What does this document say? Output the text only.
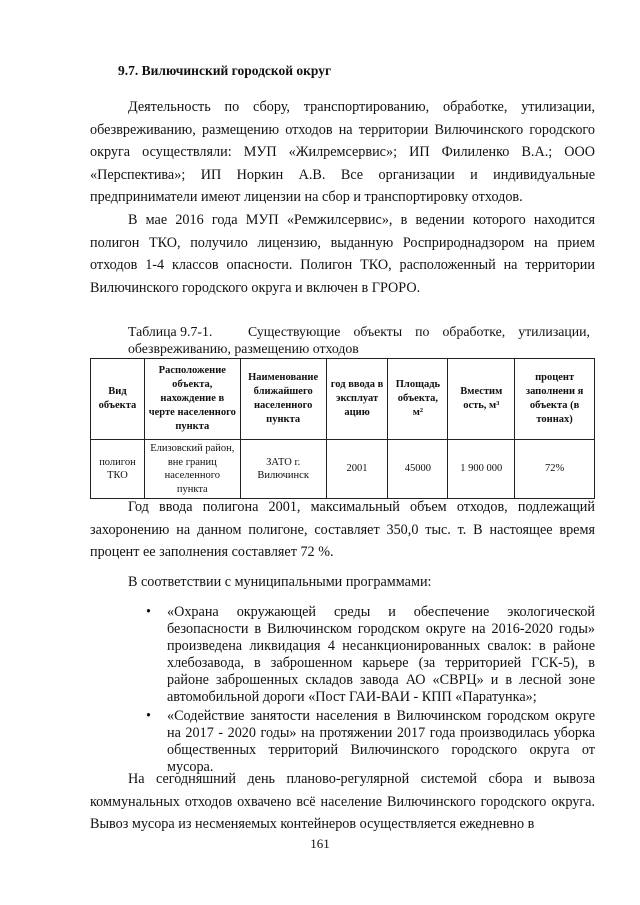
9.7. Вилючинский городской округ

Деятельность по сбору, транспортированию, обработке, утилизации, обезвреживанию, размещению отходов на территории Вилючинского городского округа осуществляли: МУП «Жилремсервис»; ИП Филиленко В.А.; ООО «Перспектива»; ИП Норкин А.В. Все организации и индивидуальные предприниматели имеют лицензии на сбор и транспортировку отходов.

В мае 2016 года МУП «Ремжилсервис», в ведении которого находится полигон ТКО, получило лицензию, выданную Росприроднадзором на прием отходов 1-4 классов опасности. Полигон ТКО, расположенный на территории Вилючинского городского округа и включен в ГРОРО.

Таблица 9.7-1.	Существующие объекты по обработке, утилизации, обезвреживанию, размещению отходов
Вид объекта	Расположение объекта, нахождение в черте населенного пункта	Наименование ближайшего населенного пункта	год ввода в эксплуат ацию	Площадь объекта, м²	Вместим ость, м³	процент заполнени я объекта (в тоннах)
полигон ТКО	Елизовский район, вне границ населенного пункта	ЗАТО г. Вилючинск	2001	45000	1 900 000	72%

Год ввода полигона 2001, максимальный объем отходов, подлежащий захоронению на данном полигоне, составляет 350,0 тыс. т. В настоящее время процент ее заполнения составляет 72 %.

В соответствии с муниципальными программами:

• «Охрана окружающей среды и обеспечение экологической безопасности в Вилючинском городском округе на 2016-2020 годы» произведена ликвидация 4 несанкционированных свалок: в районе хлебозавода, в заброшенном карьере (за территорией ГСК-5), в районе заброшенных складов завода АО «СВРЦ» и в лесной зоне автомобильной дороги «Пост ГАИ-ВАИ - КПП «Паратунка»;
• «Содействие занятости населения в Вилючинском городском округе на 2017 - 2020 годы» на протяжении 2017 года производилась уборка общественных территорий Вилючинского городского округа от мусора.

На сегодняшний день планово-регулярной системой сбора и вывоза коммунальных отходов охвачено всё население Вилючинского городского округа. Вывоз мусора из несменяемых контейнеров осуществляется ежедневно в

161
